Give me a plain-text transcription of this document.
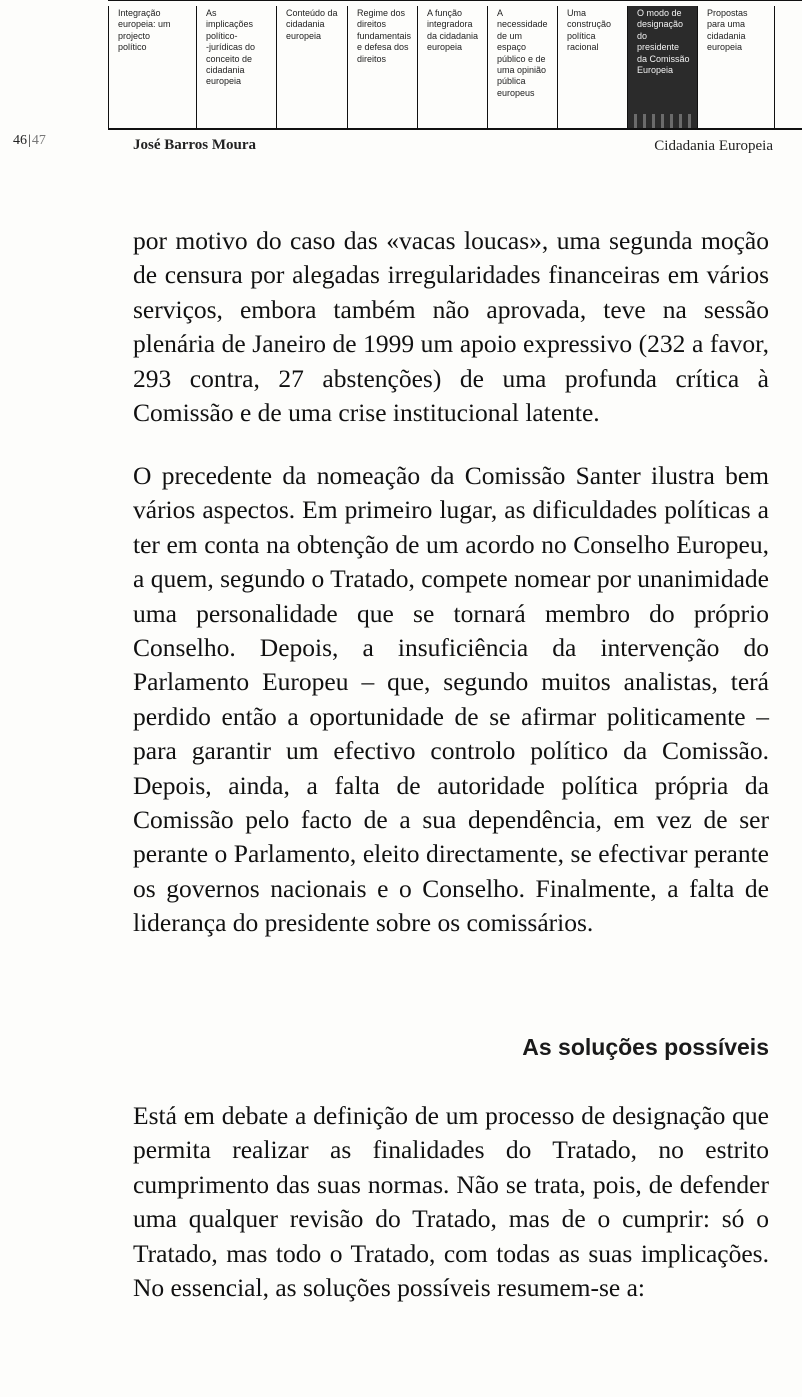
Integração
europeia: um
projecto
político
As
implicações
político-
-jurídicas do
conceito de
cidadania
europeia
Conteúdo da
cidadania
europeia
Regime dos
direitos
fundamentais
e defesa dos
direitos
A função
integradora
da cidadania
europeia
A
necessidade
de um
espaço
público e de
uma opinião
pública
europeus
Uma
construção
política
racional
O modo de
designação
do
presidente
da Comissão
Europeia
Propostas
para uma
cidadania
europeia
46|47	José Barros Moura	Cidadania Europeia

por motivo do caso das «vacas loucas», uma segunda moção de censura por alegadas irregularidades financeiras em vários serviços, embora também não aprovada, teve na sessão plenária de Janeiro de 1999 um apoio expressivo (232 a favor, 293 contra, 27 abstenções) de uma profunda crítica à Comissão e de uma crise institucional latente.

O precedente da nomeação da Comissão Santer ilustra bem vários aspectos. Em primeiro lugar, as dificuldades políticas a ter em conta na obtenção de um acordo no Conselho Europeu, a quem, segundo o Tratado, compete nomear por unanimidade uma personalidade que se tornará membro do próprio Conselho. Depois, a insuficiência da intervenção do Parlamento Europeu – que, segundo muitos analistas, terá perdido então a oportunidade de se afirmar politicamente – para garantir um efectivo controlo político da Comissão. Depois, ainda, a falta de autoridade política própria da Comissão pelo facto de a sua dependência, em vez de ser perante o Parlamento, eleito directamente, se efectivar perante os governos nacionais e o Conselho. Finalmente, a falta de liderança do presidente sobre os comissários.

As soluções possíveis

Está em debate a definição de um processo de designação que permita realizar as finalidades do Tratado, no estrito cumprimento das suas normas. Não se trata, pois, de defender uma qualquer revisão do Tratado, mas de o cumprir: só o Tratado, mas todo o Tratado, com todas as suas implicações. No essencial, as soluções possíveis resumem-se a:
